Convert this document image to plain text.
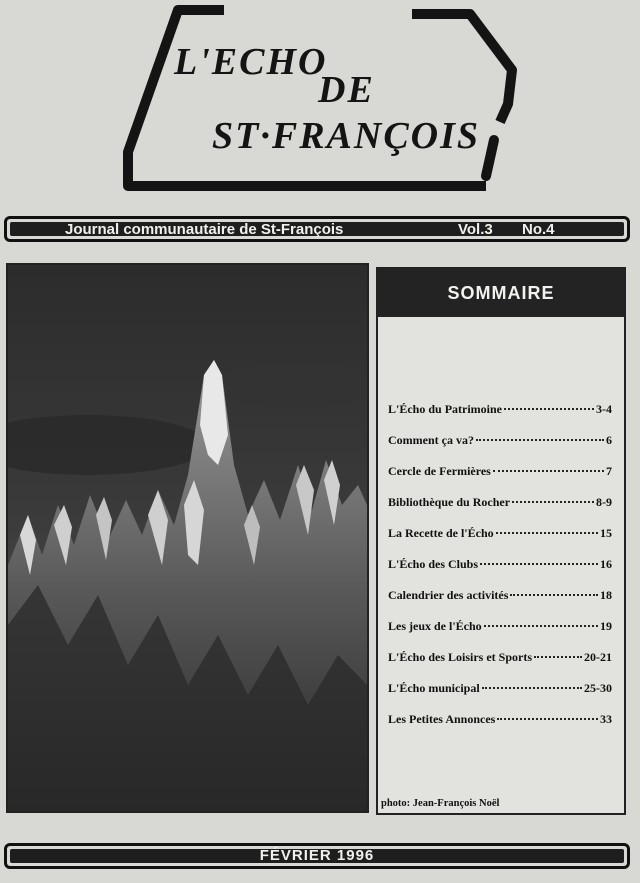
L'ECHO
DE
ST·FRANÇOIS
Journal communautaire de St-François	Vol.3 No.4
SOMMAIRE
L'Écho du Patrimoine	3-4
Comment ça va?	6
Cercle de Fermières	7
Bibliothèque du Rocher	8-9
La Recette de l'Écho	15
L'Écho des Clubs	16
Calendrier des activités	18
Les jeux de l'Écho	19
L'Écho des Loisirs et Sports	20-21
L'Écho municipal	25-30
Les Petites Annonces	33
photo: Jean-François Noël
FÉVRIER 1996
